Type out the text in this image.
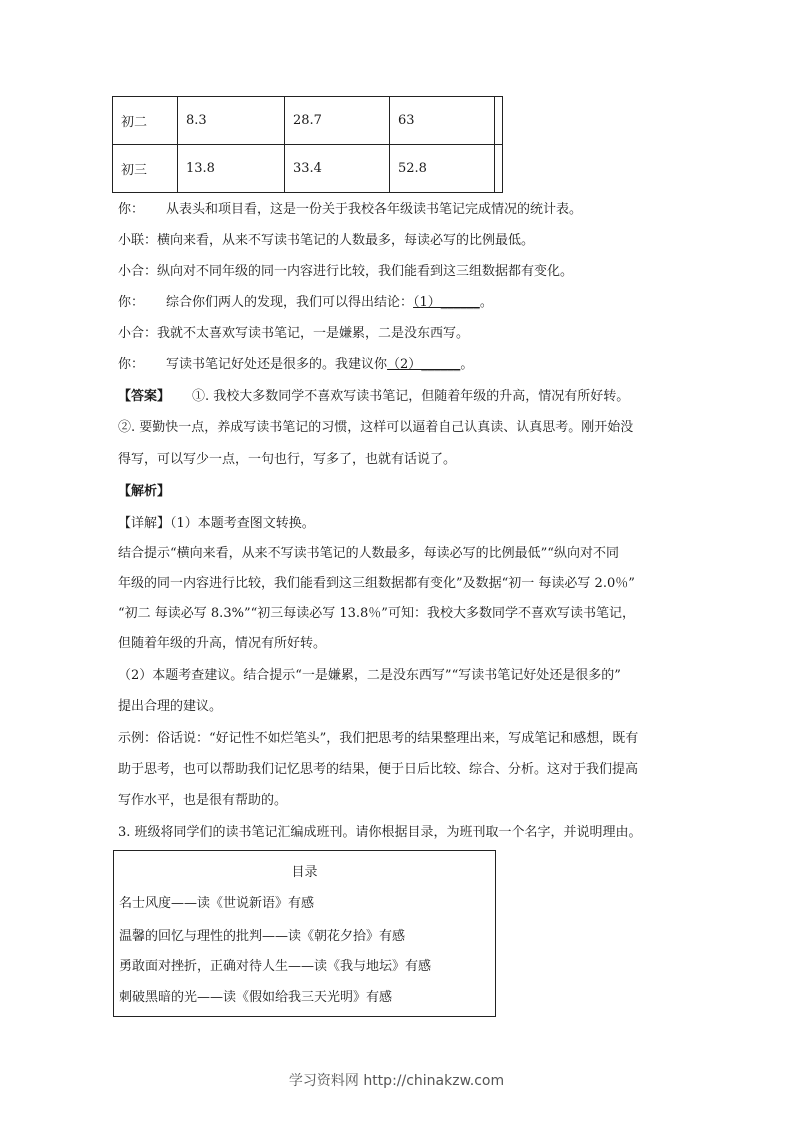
初二	8.3	28.7	63	
初三	13.8	33.4	52.8	
你： 从表头和项目看，这是一份关于我校各年级读书笔记完成情况的统计表。
小联：横向来看，从来不写读书笔记的人数最多，每读必写的比例最低。
小合：纵向对不同年级的同一内容进行比较，我们能看到这三组数据都有变化。
你： 综合你们两人的发现，我们可以得出结论：（1）______。
小合：我就不太喜欢写读书笔记，一是嫌累，二是没东西写。
你： 写读书笔记好处还是很多的。我建议你（2）______。
【答案】 ①. 我校大多数同学不喜欢写读书笔记，但随着年级的升高，情况有所好转。
②. 要勤快一点，养成写读书笔记的习惯，这样可以逼着自己认真读、认真思考。刚开始没
得写，可以写少一点，一句也行，写多了，也就有话说了。
【解析】
【详解】（1）本题考查图文转换。
结合提示“横向来看，从来不写读书笔记的人数最多，每读必写的比例最低”“纵向对不同
年级的同一内容进行比较，我们能看到这三组数据都有变化”及数据“初一 每读必写 2.0％”
“初二 每读必写 8.3%”“初三每读必写 13.8％”可知：我校大多数同学不喜欢写读书笔记，
但随着年级的升高，情况有所好转。
（2）本题考查建议。结合提示“一是嫌累，二是没东西写”“写读书笔记好处还是很多的”
提出合理的建议。
示例：俗话说：“好记性不如烂笔头”，我们把思考的结果整理出来，写成笔记和感想，既有
助于思考，也可以帮助我们记忆思考的结果，便于日后比较、综合、分析。这对于我们提高
写作水平，也是很有帮助的。
3. 班级将同学们的读书笔记汇编成班刊。请你根据目录，为班刊取一个名字，并说明理由。
目录
名士风度——读《世说新语》有感
温馨的回忆与理性的批判——读《朝花夕拾》有感
勇敢面对挫折，正确对待人生——读《我与地坛》有感
刺破黑暗的光——读《假如给我三天光明》有感
学习资料网 http://chinakzw.com
